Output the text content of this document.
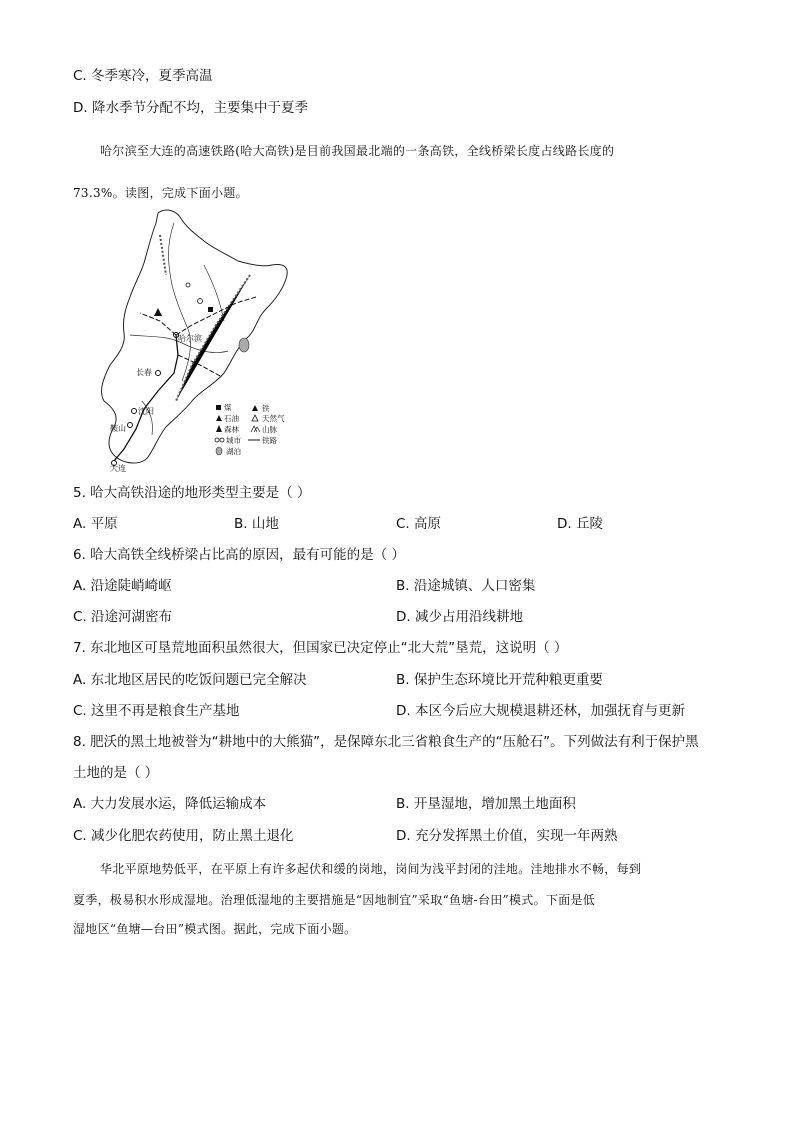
C. 冬季寒冷，夏季高温
D. 降水季节分配不均，主要集中于夏季
哈尔滨至大连的高速铁路(哈大高铁)是目前我国最北端的一条高铁，全线桥梁长度占线路长度的
73.3%。读图，完成下面小题。
哈尔滨
长春
沈阳
鞍山
大连
煤	铁
石油	天然气
森林	山脉
城市	铁路
湖泊
5. 哈大高铁沿途的地形类型主要是（ ）
A. 平原	B. 山地	C. 高原	D. 丘陵
6. 哈大高铁全线桥梁占比高的原因，最有可能的是（ ）
A. 沿途陡峭崎岖	B. 沿途城镇、人口密集
C. 沿途河湖密布	D. 减少占用沿线耕地
7. 东北地区可垦荒地面积虽然很大，但国家已决定停止“北大荒”垦荒，这说明（ ）
A. 东北地区居民的吃饭问题已完全解决	B. 保护生态环境比开荒种粮更重要
C. 这里不再是粮食生产基地	D. 本区今后应大规模退耕还林，加强抚育与更新
8. 肥沃的黑土地被誉为“耕地中的大熊猫”，是保障东北三省粮食生产的“压舱石”。下列做法有利于保护黑
土地的是（ ）
A. 大力发展水运，降低运输成本	B. 开垦湿地，增加黑土地面积
C. 减少化肥农药使用，防止黑土退化	D. 充分发挥黑土价值，实现一年两熟
华北平原地势低平，在平原上有许多起伏和缓的岗地，岗间为浅平封闭的洼地。洼地排水不畅，每到
夏季，极易积水形成湿地。治理低湿地的主要措施是“因地制宜”采取“鱼塘-台田”模式。下面是低
湿地区“鱼塘—台田”模式图。据此，完成下面小题。
